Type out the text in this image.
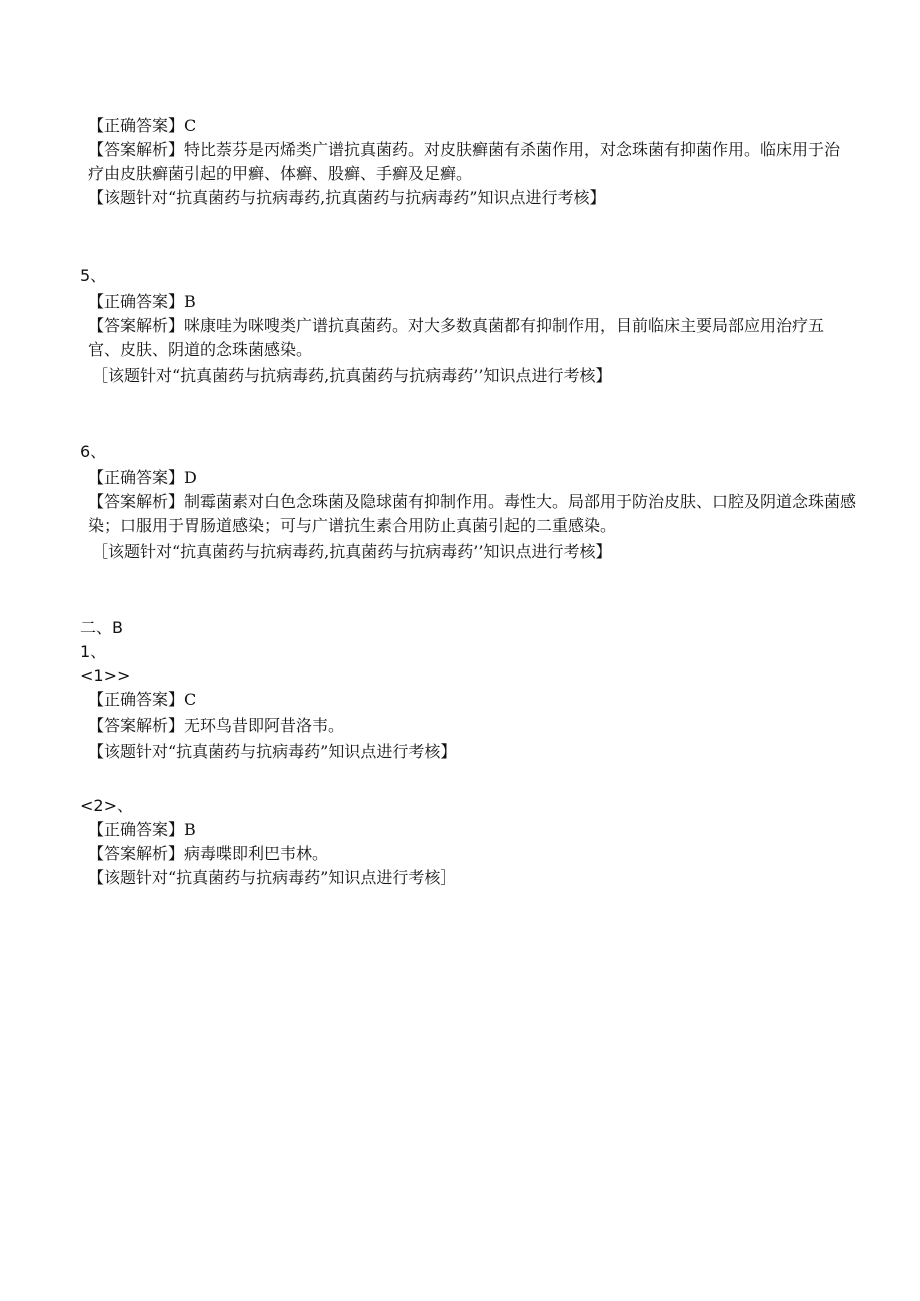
【正确答案】C
【答案解析】特比萘芬是丙烯类广谱抗真菌药。对皮肤癣菌有杀菌作用，对念珠菌有抑菌作用。临床用于治疗由皮肤癣菌引起的甲癣、体癣、股癣、手癣及足癣。
【该题针对“抗真菌药与抗病毒药,抗真菌药与抗病毒药”知识点进行考核】
5、
【正确答案】B
【答案解析】咪康哇为咪嗖类广谱抗真菌药。对大多数真菌都有抑制作用，目前临床主要局部应用治疗五官、皮肤、阴道的念珠菌感染。
［该题针对“抗真菌药与抗病毒药,抗真菌药与抗病毒药’’知识点进行考核】
6、
【正确答案】D
【答案解析】制霉菌素对白色念珠菌及隐球菌有抑制作用。毒性大。局部用于防治皮肤、口腔及阴道念珠菌感染；口服用于胃肠道感染；可与广谱抗生素合用防止真菌引起的二重感染。
［该题针对“抗真菌药与抗病毒药,抗真菌药与抗病毒药’’知识点进行考核】
二、B
1、
<1>>
【正确答案】C
【答案解析】无环鸟昔即阿昔洛韦。
【该题针对“抗真菌药与抗病毒药”知识点进行考核】
<2>、
【正确答案】B
【答案解析】病毒喋即利巴韦林。
【该题针对“抗真菌药与抗病毒药”知识点进行考核］
